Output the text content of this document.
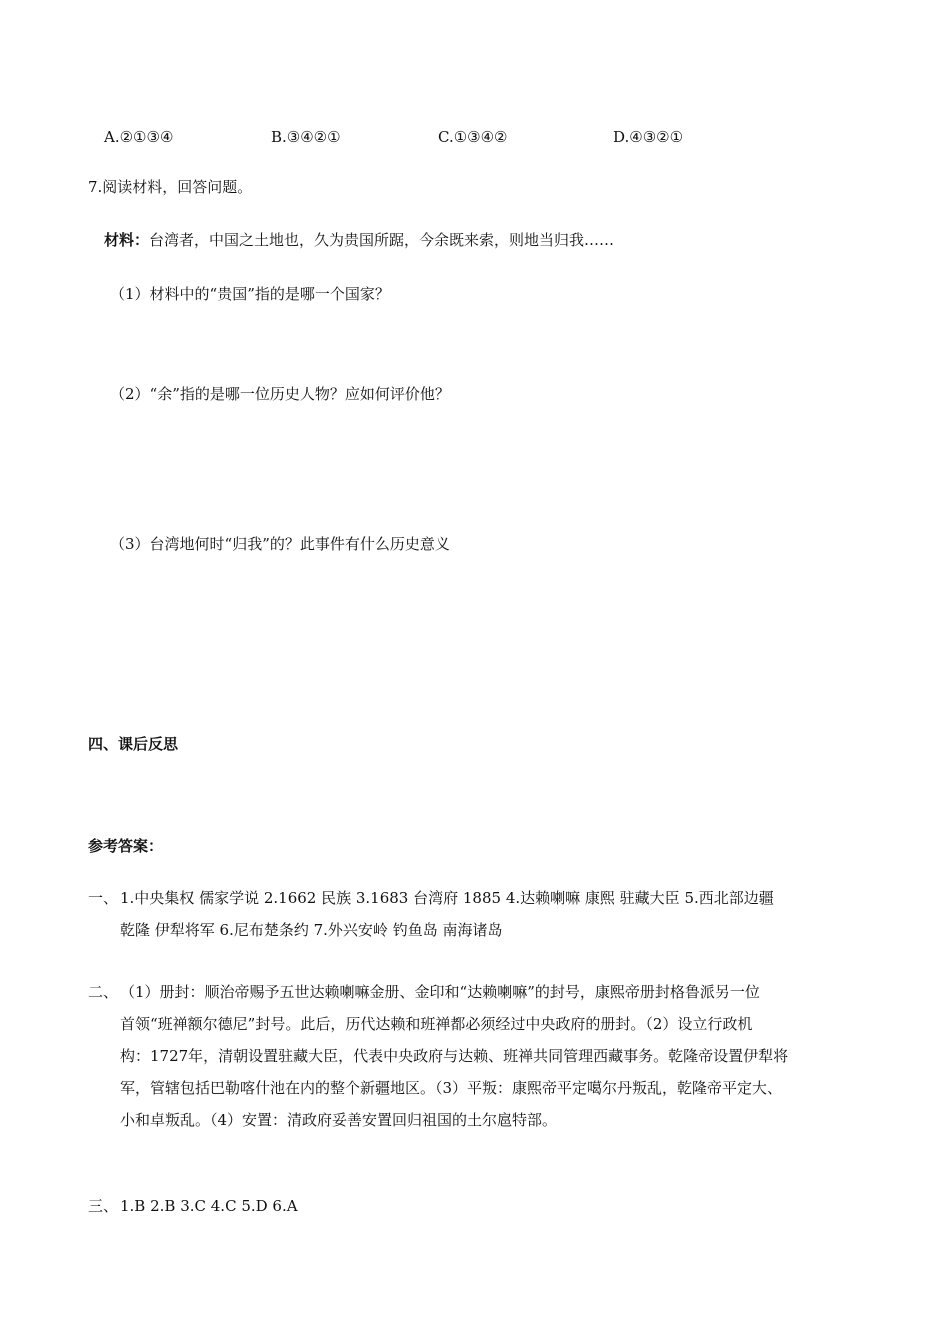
A.②①③④	B.③④②①	C.①③④②	D.④③②①
7.阅读材料，回答问题。
材料：台湾者，中国之土地也，久为贵国所踞，今余既来索，则地当归我……
（1）材料中的“贵国”指的是哪一个国家？
（2）“余”指的是哪一位历史人物？应如何评价他？
（3）台湾地何时“归我”的？此事件有什么历史意义
四、课后反思
参考答案：
一、 1.中央集权 儒家学说 2.1662 民族 3.1683 台湾府 1885 4.达赖喇嘛 康熙 驻藏大臣 5.西北部边疆
乾隆 伊犁将军 6.尼布楚条约 7.外兴安岭 钓鱼岛 南海诸岛
二、 （1）册封：顺治帝赐予五世达赖喇嘛金册、金印和“达赖喇嘛”的封号，康熙帝册封格鲁派另一位
首领“班禅额尔德尼”封号。此后，历代达赖和班禅都必须经过中央政府的册封。（2）设立行政机
构：1727年，清朝设置驻藏大臣，代表中央政府与达赖、班禅共同管理西藏事务。乾隆帝设置伊犁将
军，管辖包括巴勒喀什池在内的整个新疆地区。（3）平叛：康熙帝平定噶尔丹叛乱，乾隆帝平定大、
小和卓叛乱。（4）安置：清政府妥善安置回归祖国的土尔扈特部。
三、 1.B 2.B 3.C 4.C 5.D 6.A
